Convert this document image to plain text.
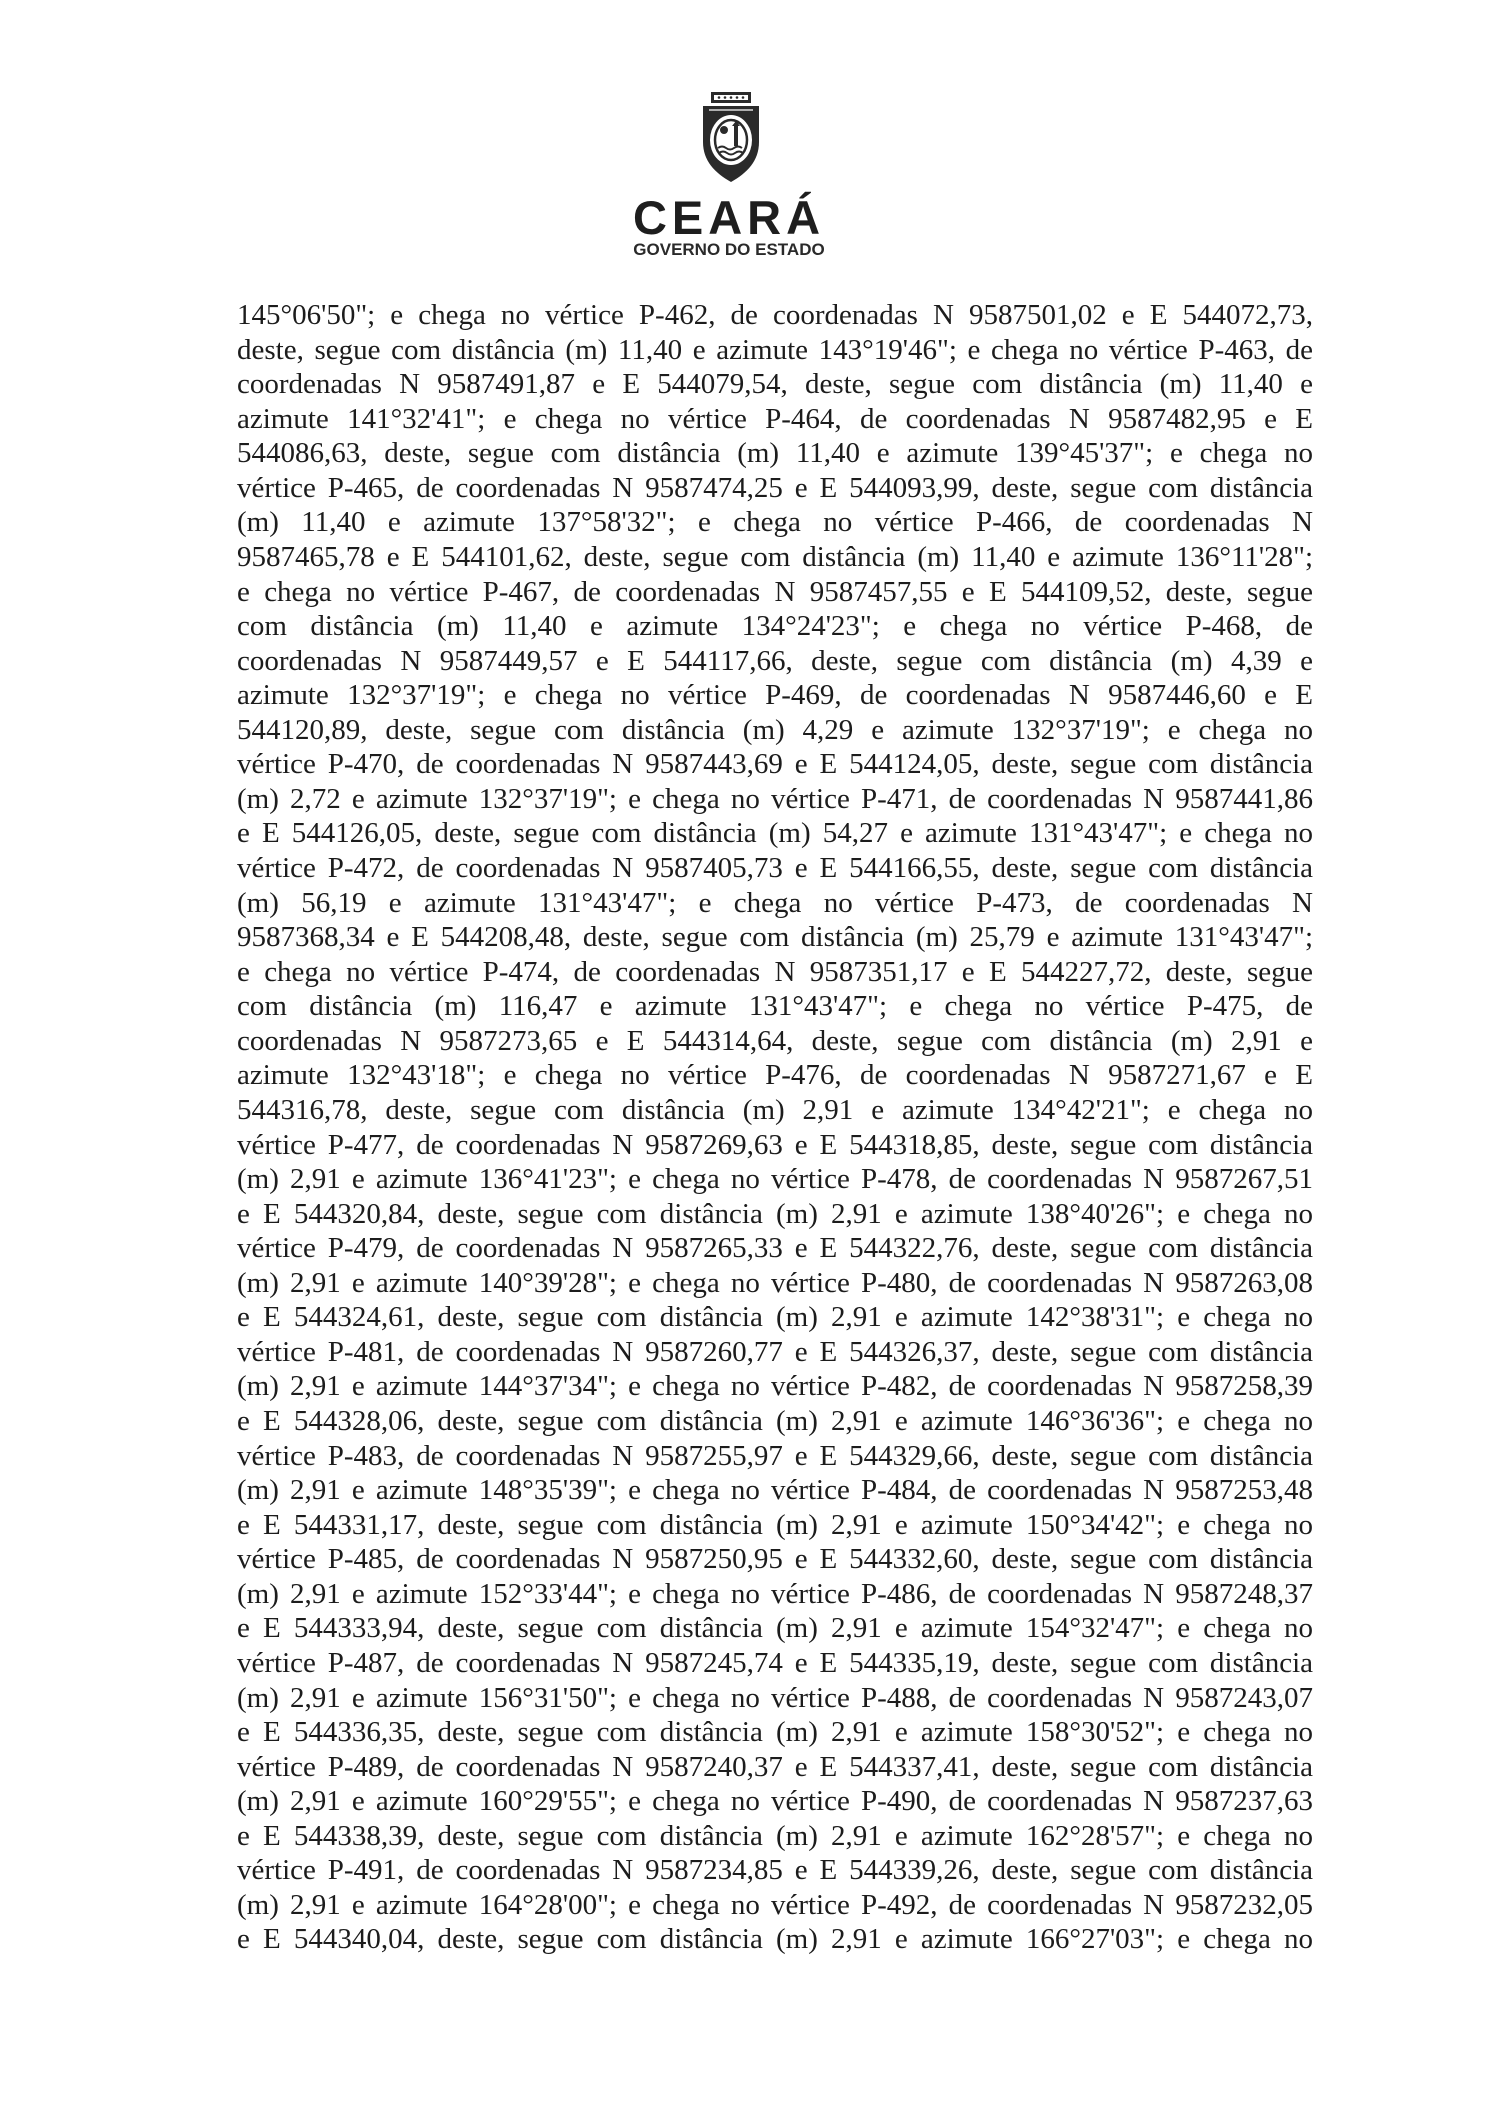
CEARÁ
GOVERNO DO ESTADO
145°06'50"; e chega no vértice P-462, de coordenadas N 9587501,02 e E 544072,73,
deste, segue com distância (m) 11,40 e azimute 143°19'46"; e chega no vértice P-463, de
coordenadas N 9587491,87 e E 544079,54, deste, segue com distância (m) 11,40 e
azimute 141°32'41"; e chega no vértice P-464, de coordenadas N 9587482,95 e E
544086,63, deste, segue com distância (m) 11,40 e azimute 139°45'37"; e chega no
vértice P-465, de coordenadas N 9587474,25 e E 544093,99, deste, segue com distância
(m) 11,40 e azimute 137°58'32"; e chega no vértice P-466, de coordenadas N
9587465,78 e E 544101,62, deste, segue com distância (m) 11,40 e azimute 136°11'28";
e chega no vértice P-467, de coordenadas N 9587457,55 e E 544109,52, deste, segue
com distância (m) 11,40 e azimute 134°24'23"; e chega no vértice P-468, de
coordenadas N 9587449,57 e E 544117,66, deste, segue com distância (m) 4,39 e
azimute 132°37'19"; e chega no vértice P-469, de coordenadas N 9587446,60 e E
544120,89, deste, segue com distância (m) 4,29 e azimute 132°37'19"; e chega no
vértice P-470, de coordenadas N 9587443,69 e E 544124,05, deste, segue com distância
(m) 2,72 e azimute 132°37'19"; e chega no vértice P-471, de coordenadas N 9587441,86
e E 544126,05, deste, segue com distância (m) 54,27 e azimute 131°43'47"; e chega no
vértice P-472, de coordenadas N 9587405,73 e E 544166,55, deste, segue com distância
(m) 56,19 e azimute 131°43'47"; e chega no vértice P-473, de coordenadas N
9587368,34 e E 544208,48, deste, segue com distância (m) 25,79 e azimute 131°43'47";
e chega no vértice P-474, de coordenadas N 9587351,17 e E 544227,72, deste, segue
com distância (m) 116,47 e azimute 131°43'47"; e chega no vértice P-475, de
coordenadas N 9587273,65 e E 544314,64, deste, segue com distância (m) 2,91 e
azimute 132°43'18"; e chega no vértice P-476, de coordenadas N 9587271,67 e E
544316,78, deste, segue com distância (m) 2,91 e azimute 134°42'21"; e chega no
vértice P-477, de coordenadas N 9587269,63 e E 544318,85, deste, segue com distância
(m) 2,91 e azimute 136°41'23"; e chega no vértice P-478, de coordenadas N 9587267,51
e E 544320,84, deste, segue com distância (m) 2,91 e azimute 138°40'26"; e chega no
vértice P-479, de coordenadas N 9587265,33 e E 544322,76, deste, segue com distância
(m) 2,91 e azimute 140°39'28"; e chega no vértice P-480, de coordenadas N 9587263,08
e E 544324,61, deste, segue com distância (m) 2,91 e azimute 142°38'31"; e chega no
vértice P-481, de coordenadas N 9587260,77 e E 544326,37, deste, segue com distância
(m) 2,91 e azimute 144°37'34"; e chega no vértice P-482, de coordenadas N 9587258,39
e E 544328,06, deste, segue com distância (m) 2,91 e azimute 146°36'36"; e chega no
vértice P-483, de coordenadas N 9587255,97 e E 544329,66, deste, segue com distância
(m) 2,91 e azimute 148°35'39"; e chega no vértice P-484, de coordenadas N 9587253,48
e E 544331,17, deste, segue com distância (m) 2,91 e azimute 150°34'42"; e chega no
vértice P-485, de coordenadas N 9587250,95 e E 544332,60, deste, segue com distância
(m) 2,91 e azimute 152°33'44"; e chega no vértice P-486, de coordenadas N 9587248,37
e E 544333,94, deste, segue com distância (m) 2,91 e azimute 154°32'47"; e chega no
vértice P-487, de coordenadas N 9587245,74 e E 544335,19, deste, segue com distância
(m) 2,91 e azimute 156°31'50"; e chega no vértice P-488, de coordenadas N 9587243,07
e E 544336,35, deste, segue com distância (m) 2,91 e azimute 158°30'52"; e chega no
vértice P-489, de coordenadas N 9587240,37 e E 544337,41, deste, segue com distância
(m) 2,91 e azimute 160°29'55"; e chega no vértice P-490, de coordenadas N 9587237,63
e E 544338,39, deste, segue com distância (m) 2,91 e azimute 162°28'57"; e chega no
vértice P-491, de coordenadas N 9587234,85 e E 544339,26, deste, segue com distância
(m) 2,91 e azimute 164°28'00"; e chega no vértice P-492, de coordenadas N 9587232,05
e E 544340,04, deste, segue com distância (m) 2,91 e azimute 166°27'03"; e chega no
